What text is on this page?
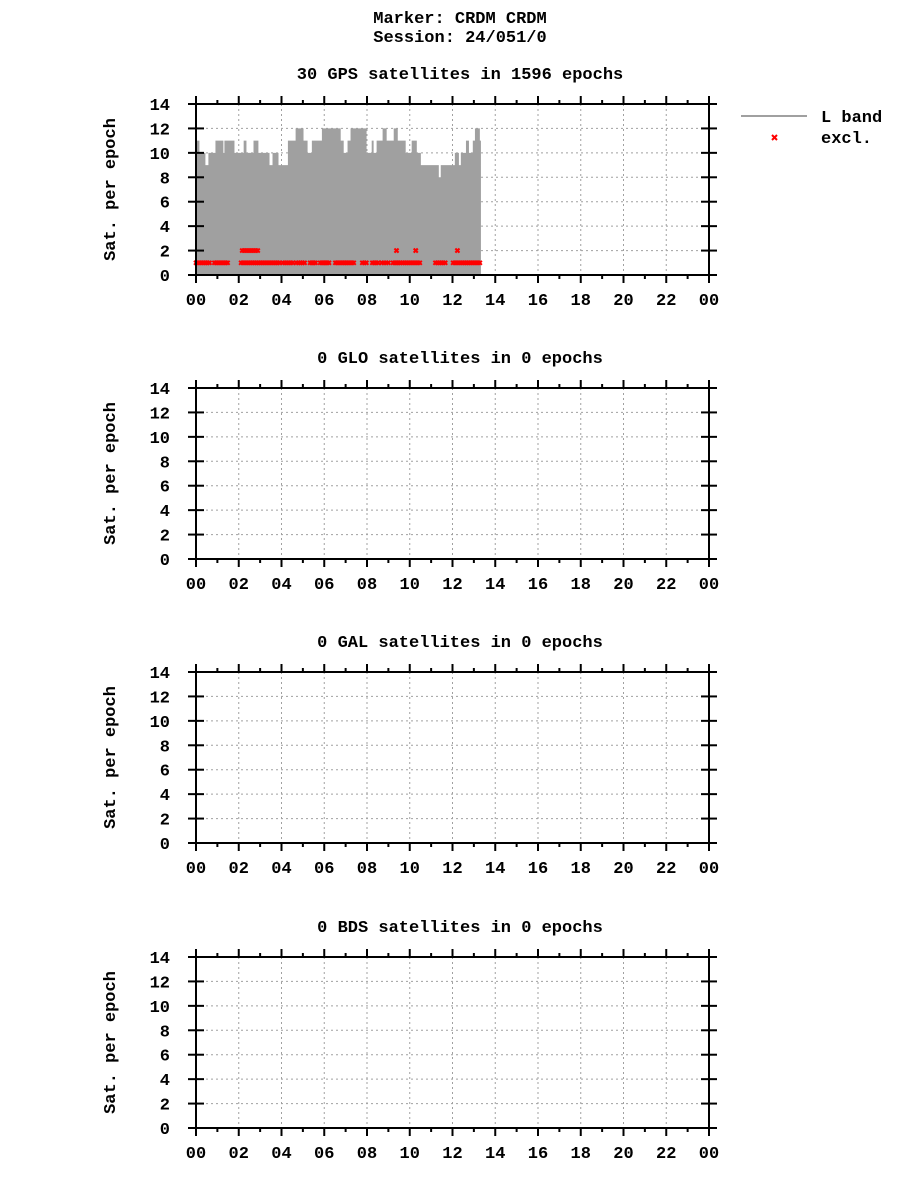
Marker: CRDM CRDM
Session: 24/051/0
30 GPS satellites in 1596 epochs
00 02 04 06 08 10 12 14 16 18 20 22 00
0
2
4
6
8
10
12
14
Sat. per epoch
0 GLO satellites in 0 epochs
00 02 04 06 08 10 12 14 16 18 20 22 00
0
2
4
6
8
10
12
14
Sat. per epoch
0 GAL satellites in 0 epochs
00 02 04 06 08 10 12 14 16 18 20 22 00
0
2
4
6
8
10
12
14
Sat. per epoch
0 BDS satellites in 0 epochs
00 02 04 06 08 10 12 14 16 18 20 22 00
0
2
4
6
8
10
12
14
Sat. per epoch
L band
excl.
